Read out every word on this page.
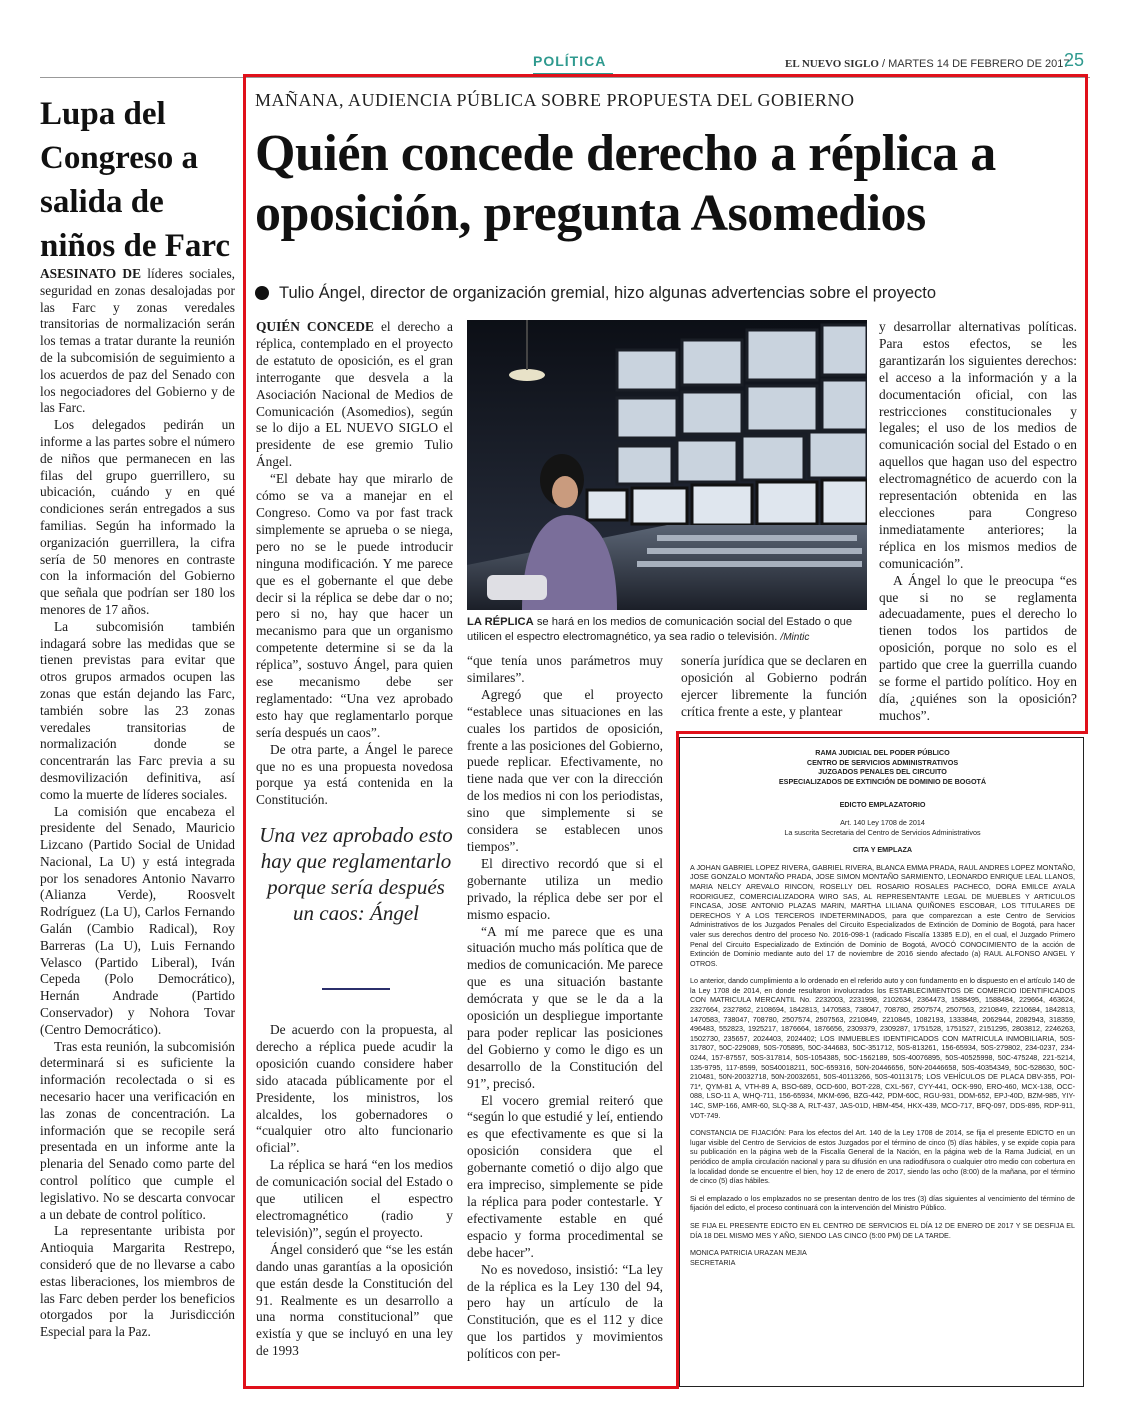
POLÍTICA	EL NUEVO SIGLO / MARTES 14 DE FEBRERO DE 2017
25
Lupa del Congreso a salida de niños de Farc

ASESINATO DE líderes sociales, seguridad en zonas desalojadas por las Farc y zonas veredales transitorias de normalización serán los temas a tratar durante la reunión de la subcomisión de seguimiento a los acuerdos de paz del Senado con los negociadores del Gobierno y de las Farc.

Los delegados pedirán un informe a las partes sobre el número de niños que permanecen en las filas del grupo guerrillero, su ubicación, cuándo y en qué condiciones serán entregados a sus familias. Según ha informado la organización guerrillera, la cifra sería de 50 menores en contraste con la información del Gobierno que señala que podrían ser 180 los menores de 17 años.

La subcomisión también indagará sobre las medidas que se tienen previstas para evitar que otros grupos armados ocupen las zonas que están dejando las Farc, también sobre las 23 zonas veredales transitorias de normalización donde se concentrarán las Farc previa a su desmovilización definitiva, así como la muerte de líderes sociales.

La comisión que encabeza el presidente del Senado, Mauricio Lizcano (Partido Social de Unidad Nacional, La U) y está integrada por los senadores Antonio Navarro (Alianza Verde), Roosvelt Rodríguez (La U), Carlos Fernando Galán (Cambio Radical), Roy Barreras (La U), Luis Fernando Velasco (Partido Liberal), Iván Cepeda (Polo Democrático), Hernán Andrade (Partido Conservador) y Nohora Tovar (Centro Democrático).

Tras esta reunión, la subcomisión determinará si es suficiente la información recolectada o si es necesario hacer una verificación en las zonas de concentración. La información que se recopile será presentada en un informe ante la plenaria del Senado como parte del control político que cumple el legislativo. No se descarta convocar a un debate de control político.

La representante uribista por Antioquia Margarita Restrepo, consideró que de no llevarse a cabo estas liberaciones, los miembros de las Farc deben perder los beneficios otorgados por la Jurisdicción Especial para la Paz.

MAÑANA, AUDIENCIA PÚBLICA SOBRE PROPUESTA DEL GOBIERNO
Quién concede derecho a réplica a oposición, pregunta Asomedios
Tulio Ángel, director de organización gremial, hizo algunas advertencias sobre el proyecto

QUIÉN CONCEDE el derecho a réplica, contemplado en el proyecto de estatuto de oposición, es el gran interrogante que desvela a la Asociación Nacional de Medios de Comunicación (Asomedios), según se lo dijo a EL NUEVO SIGLO el presidente de ese gremio Tulio Ángel.

“El debate hay que mirarlo de cómo se va a manejar en el Congreso. Como va por fast track simplemente se aprueba o se niega, pero no se le puede introducir ninguna modificación. Y me parece que es el gobernante el que debe decir si la réplica se debe dar o no; pero si no, hay que hacer un mecanismo para que un organismo competente determine si se da la réplica”, sostuvo Ángel, para quien ese mecanismo debe ser reglamentado: “Una vez aprobado esto hay que reglamentarlo porque sería después un caos”.

De otra parte, a Ángel le parece que no es una propuesta novedosa porque ya está contenida en la Constitución.

Una vez aprobado esto hay que reglamentarlo porque sería después un caos: Ángel

De acuerdo con la propuesta, al derecho a réplica puede acudir la oposición cuando considere haber sido atacada públicamente por el Presidente, los ministros, los alcaldes, los gobernadores o “cualquier otro alto funcionario oficial”.

La réplica se hará “en los medios de comunicación social del Estado o que utilicen el espectro electromagnético (radio y televisión)”, según el proyecto.

Ángel consideró que “se les están dando unas garantías a la oposición que están desde la Constitución del 91. Realmente es un desarrollo a una norma constitucional” que existía y que se incluyó en una ley de 1993

LA RÉPLICA se hará en los medios de comunicación social del Estado o que utilicen el espectro electromagnético, ya sea radio o televisión. /Mintic

“que tenía unos parámetros muy similares”.

Agregó que el proyecto “establece unas situaciones en las cuales los partidos de oposición, frente a las posiciones del Gobierno, puede replicar. Efectivamente, no tiene nada que ver con la dirección de los medios ni con los periodistas, sino que simplemente si se considera se establecen unos tiempos”.

El directivo recordó que si el gobernante utiliza un medio privado, la réplica debe ser por el mismo espacio.

“A mí me parece que es una situación mucho más política que de medios de comunicación. Me parece que es una situación bastante demócrata y que se le da a la oposición un despliegue importante para poder replicar las posiciones del Gobierno y como le digo es un desarrollo de la Constitución del 91”, precisó.

El vocero gremial reiteró que “según lo que estudié y leí, entiendo es que efectivamente es que si la oposición considera que el gobernante cometió o dijo algo que era impreciso, simplemente se pide la réplica para poder contestarle. Y efectivamente estable en qué espacio y forma procedimental se debe hacer”.

No es novedoso, insistió: “La ley de la réplica es la Ley 130 del 94, pero hay un artículo de la Constitución, que es el 112 y dice que los partidos y movimientos políticos con per-

sonería jurídica que se declaren en oposición al Gobierno podrán ejercer libremente la función crítica frente a este, y plantear

y desarrollar alternativas políticas. Para estos efectos, se les garantizarán los siguientes derechos: el acceso a la información y a la documentación oficial, con las restricciones constitucionales y legales; el uso de los medios de comunicación social del Estado o en aquellos que hagan uso del espectro electromagnético de acuerdo con la representación obtenida en las elecciones para Congreso inmediatamente anteriores; la réplica en los mismos medios de comunicación”.

A Ángel lo que le preocupa “es que si no se reglamenta adecuadamente, pues el derecho lo tienen todos los partidos de oposición, porque no solo es el partido que cree la guerrilla cuando se forme el partido político. Hoy en día, ¿quiénes son la oposición? muchos”.

RAMA JUDICIAL DEL PODER PÚBLICO
CENTRO DE SERVICIOS ADMINISTRATIVOS
JUZGADOS PENALES DEL CIRCUITO
ESPECIALIZADOS DE EXTINCIÓN DE DOMINIO DE BOGOTÁ
EDICTO EMPLAZATORIO
Art. 140 Ley 1708 de 2014
La suscrita Secretaria del Centro de Servicios Administrativos
CITA Y EMPLAZA

A JOHAN GABRIEL LOPEZ RIVERA, GABRIEL RIVERA, BLANCA EMMA PRADA, RAUL ANDRES LOPEZ MONTAÑO, JOSE GONZALO MONTAÑO PRADA, JOSE SIMON MONTAÑO SARMIENTO, LEONARDO ENRIQUE LEAL LLANOS, MARIA NELCY AREVALO RINCON, ROSELLY DEL ROSARIO ROSALES PACHECO, DORA EMILCE AYALA RODRIGUEZ, COMERCIALIZADORA WIRO SAS, AL REPRESENTANTE LEGAL DE MUEBLES Y ARTICULOS FINCASA, JOSE ANTONIO PLAZAS MARIN, MARTHA LILIANA QUIÑONES ESCOBAR, LOS TITULARES DE DERECHOS Y A LOS TERCEROS INDETERMINADOS, para que comparezcan a este Centro de Servicios Administrativos de los Juzgados Penales del Circuito Especializados de Extinción de Dominio de Bogotá, para hacer valer sus derechos dentro del proceso No. 2016-098-1 (radicado Fiscalía 13385 E.D), en el cual, el Juzgado Primero Penal del Circuito Especializado de Extinción de Dominio de Bogotá, AVOCÓ CONOCIMIENTO de la acción de Extinción de Dominio mediante auto del 17 de noviembre de 2016 siendo afectado (a) RAUL ALFONSO ANGEL Y OTROS.

Lo anterior, dando cumplimiento a lo ordenado en el referido auto y con fundamento en lo dispuesto en el artículo 140 de la Ley 1708 de 2014, en donde resultaron involucrados los ESTABLECIMIENTOS DE COMERCIO IDENTIFICADOS CON MATRICULA MERCANTIL No. 2232003, 2231998, 2102634, 2364473, 1588495, 1588484, 229664, 463624, 2327664, 2327862, 2108694, 1842813, 1470583, 738047, 708780, 2507574, 2507563, 2210849, 2210684, 1842813, 1470583, 738047, 708780, 2507574, 2507563, 2210849, 2210845, 1082193, 1333848, 2062944, 2082943, 318359, 496483, 552823, 1925217, 1876664, 1876656, 2309379, 2309287, 1751528, 1751527, 2151295, 2803812, 2246263, 1502730, 235657, 2024403, 2024402; LOS INMUEBLES IDENTIFICADOS CON MATRICULA INMOBILIARIA, 50S-317807, 50C-229089, 50S-705895, 50C-344683, 50C-351712, 50S-813261, 156-65934, 50S-279802, 234-0237, 234-0244, 157-87557, 50S-317814, 50S-1054385, 50C-1562189, 50S-40076895, 50S-40525998, 50C-475248, 221-5214, 135-9795, 117-8599, 50S40018211, 50C-659316, 50N-20446656, 50N-20446658, 50S-40354349, 50C-528630, 50C-210481, 50N-20032718, 50N-20032651, 50S-40113266, 50S-40113175; LOS VEHÍCULOS DE PLACA DBV-355, POI-71*, QYM-81 A, VTH-89 A, BSO-689, OCD-600, BOT-228, CXL-567, CYY-441, OCK-990, ERO-460, MCX-138, OCC-088, LSO-11 A, WHQ-711, 156-65934, MKM-696, BZG-442, PDM-60C, RGU-931, DDM-652, EPJ-40D, BZM-985, YIY-14C, SMP-166, AMR-60, SLQ-38 A, RLT-437, JAS-01D, HBM-454, HKX-439, MCO-717, BFQ-097, DDS-895, RDP-911, VDT-749.

CONSTANCIA DE FIJACIÓN: Para los efectos del Art. 140 de la Ley 1708 de 2014, se fija el presente EDICTO en un lugar visible del Centro de Servicios de estos Juzgados por el término de cinco (5) días hábiles, y se expide copia para su publicación en la página web de la Fiscalía General de la Nación, en la página web de la Rama Judicial, en un periódico de amplia circulación nacional y para su difusión en una radiodifusora o cualquier otro medio con cobertura en la localidad donde se encuentre el bien, hoy 12 de enero de 2017, siendo las ocho (8:00) de la mañana, por el término de cinco (5) días hábiles.

Si el emplazado o los emplazados no se presentan dentro de los tres (3) días siguientes al vencimiento del término de fijación del edicto, el proceso continuará con la intervención del Ministro Público.

SE FIJA EL PRESENTE EDICTO EN EL CENTRO DE SERVICIOS EL DÍA 12 DE ENERO DE 2017 Y SE DESFIJA EL DÍA 18 DEL MISMO MES Y AÑO, SIENDO LAS CINCO (5:00 PM) DE LA TARDE.

MONICA PATRICIA URAZAN MEJIA
SECRETARIA
